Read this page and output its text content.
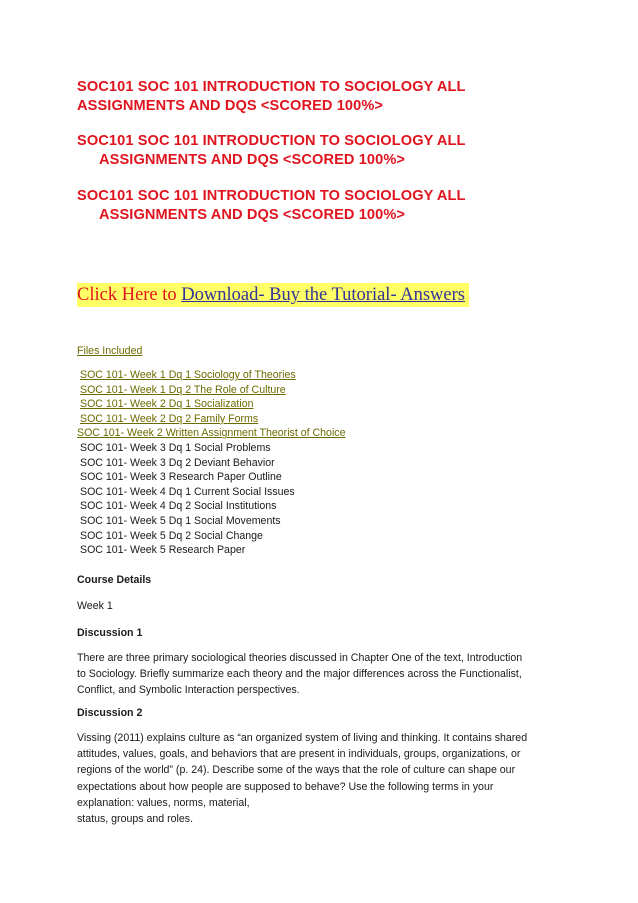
SOC101 SOC 101 INTRODUCTION TO SOCIOLOGY ALL
ASSIGNMENTS AND DQS <SCORED 100%>
SOC101 SOC 101 INTRODUCTION TO SOCIOLOGY ALL
ASSIGNMENTS AND DQS <SCORED 100%>
SOC101 SOC 101 INTRODUCTION TO SOCIOLOGY ALL
ASSIGNMENTS AND DQS <SCORED 100%>
Click Here to Download- Buy the Tutorial- Answers
Files Included
SOC 101- Week 1 Dq 1 Sociology of Theories
SOC 101- Week 1 Dq 2 The Role of Culture
SOC 101- Week 2 Dq 1 Socialization
SOC 101- Week 2 Dq 2 Family Forms
SOC 101- Week 2 Written Assignment Theorist of Choice
SOC 101- Week 3 Dq 1 Social Problems
SOC 101- Week 3 Dq 2 Deviant Behavior
SOC 101- Week 3 Research Paper Outline
SOC 101- Week 4 Dq 1 Current Social Issues
SOC 101- Week 4 Dq 2 Social Institutions
SOC 101- Week 5 Dq 1 Social Movements
SOC 101- Week 5 Dq 2 Social Change
SOC 101- Week 5 Research Paper
Course Details
Week 1
Discussion 1
There are three primary sociological theories discussed in Chapter One of the text, Introduction
to Sociology. Briefly summarize each theory and the major differences across the Functionalist,
Conflict, and Symbolic Interaction perspectives.
Discussion 2
Vissing (2011) explains culture as “an organized system of living and thinking. It contains shared
attitudes, values, goals, and behaviors that are present in individuals, groups, organizations, or
regions of the world” (p. 24). Describe some of the ways that the role of culture can shape our
expectations about how people are supposed to behave? Use the following terms in your
explanation: values, norms, material,
status, groups and roles.
